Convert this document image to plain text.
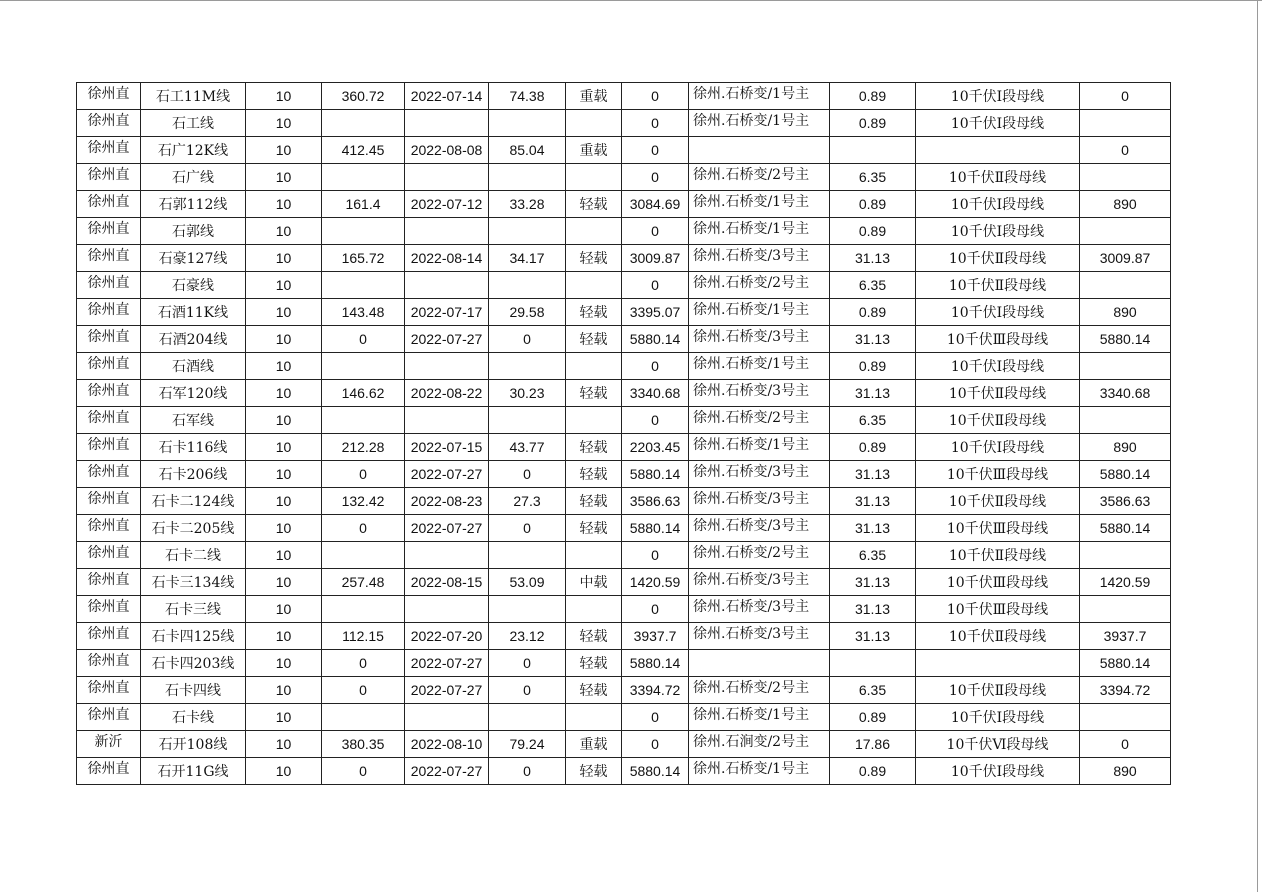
徐州直	石工11M线	10	360.72	2022-07-14	74.38	重载	0	徐州.石桥变/1号主	0.89	10千伏Ⅰ段母线	0
徐州直	石工线	10					0	徐州.石桥变/1号主	0.89	10千伏Ⅰ段母线	
徐州直	石广12K线	10	412.45	2022-08-08	85.04	重载	0				0
徐州直	石广线	10					0	徐州.石桥变/2号主	6.35	10千伏Ⅱ段母线	
徐州直	石郭112线	10	161.4	2022-07-12	33.28	轻载	3084.69	徐州.石桥变/1号主	0.89	10千伏Ⅰ段母线	890
徐州直	石郭线	10					0	徐州.石桥变/1号主	0.89	10千伏Ⅰ段母线	
徐州直	石豪127线	10	165.72	2022-08-14	34.17	轻载	3009.87	徐州.石桥变/3号主	31.13	10千伏Ⅱ段母线	3009.87
徐州直	石豪线	10					0	徐州.石桥变/2号主	6.35	10千伏Ⅱ段母线	
徐州直	石酒11K线	10	143.48	2022-07-17	29.58	轻载	3395.07	徐州.石桥变/1号主	0.89	10千伏Ⅰ段母线	890
徐州直	石酒204线	10	0	2022-07-27	0	轻载	5880.14	徐州.石桥变/3号主	31.13	10千伏Ⅲ段母线	5880.14
徐州直	石酒线	10					0	徐州.石桥变/1号主	0.89	10千伏Ⅰ段母线	
徐州直	石军120线	10	146.62	2022-08-22	30.23	轻载	3340.68	徐州.石桥变/3号主	31.13	10千伏Ⅱ段母线	3340.68
徐州直	石军线	10					0	徐州.石桥变/2号主	6.35	10千伏Ⅱ段母线	
徐州直	石卡116线	10	212.28	2022-07-15	43.77	轻载	2203.45	徐州.石桥变/1号主	0.89	10千伏Ⅰ段母线	890
徐州直	石卡206线	10	0	2022-07-27	0	轻载	5880.14	徐州.石桥变/3号主	31.13	10千伏Ⅲ段母线	5880.14
徐州直	石卡二124线	10	132.42	2022-08-23	27.3	轻载	3586.63	徐州.石桥变/3号主	31.13	10千伏Ⅱ段母线	3586.63
徐州直	石卡二205线	10	0	2022-07-27	0	轻载	5880.14	徐州.石桥变/3号主	31.13	10千伏Ⅲ段母线	5880.14
徐州直	石卡二线	10					0	徐州.石桥变/2号主	6.35	10千伏Ⅱ段母线	
徐州直	石卡三134线	10	257.48	2022-08-15	53.09	中载	1420.59	徐州.石桥变/3号主	31.13	10千伏Ⅲ段母线	1420.59
徐州直	石卡三线	10					0	徐州.石桥变/3号主	31.13	10千伏Ⅲ段母线	
徐州直	石卡四125线	10	112.15	2022-07-20	23.12	轻载	3937.7	徐州.石桥变/3号主	31.13	10千伏Ⅱ段母线	3937.7
徐州直	石卡四203线	10	0	2022-07-27	0	轻载	5880.14				5880.14
徐州直	石卡四线	10	0	2022-07-27	0	轻载	3394.72	徐州.石桥变/2号主	6.35	10千伏Ⅱ段母线	3394.72
徐州直	石卡线	10					0	徐州.石桥变/1号主	0.89	10千伏Ⅰ段母线	
新沂	石开108线	10	380.35	2022-08-10	79.24	重载	0	徐州.石涧变/2号主	17.86	10千伏Ⅵ段母线	0
徐州直	石开11G线	10	0	2022-07-27	0	轻载	5880.14	徐州.石桥变/1号主	0.89	10千伏Ⅰ段母线	890
